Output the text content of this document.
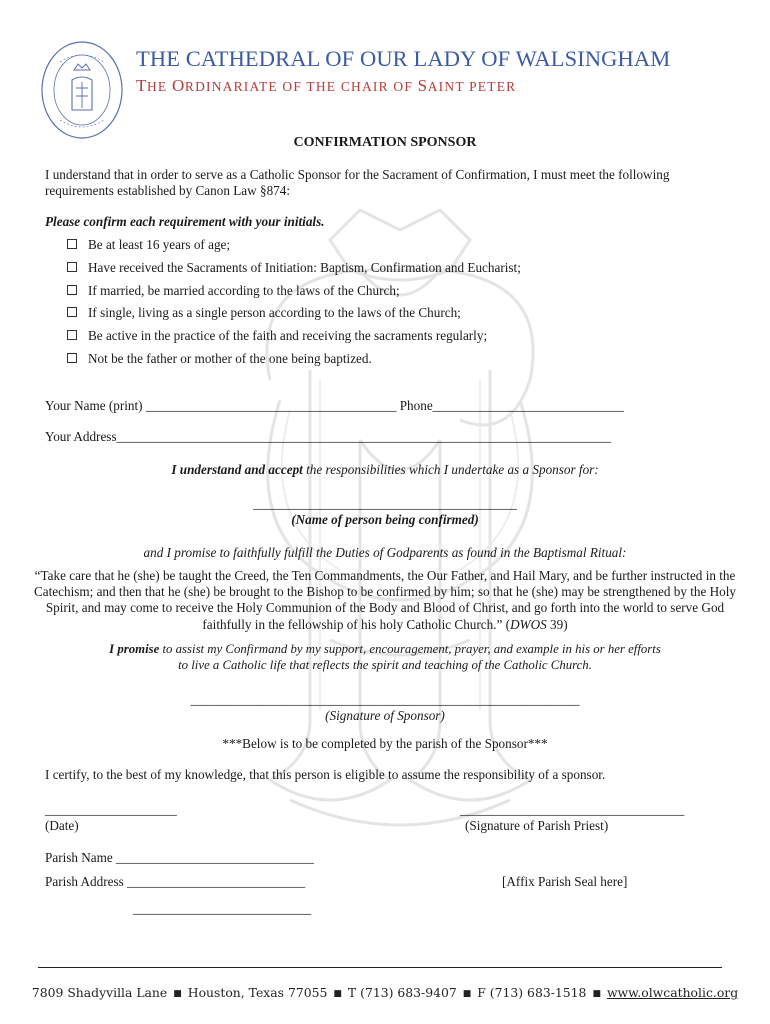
THE CATHEDRAL OF OUR LADY OF WALSINGHAM
THE ORDINARIATE OF THE CHAIR OF SAINT PETER
CONFIRMATION SPONSOR
I understand that in order to serve as a Catholic Sponsor for the Sacrament of Confirmation, I must meet the following
requirements established by Canon Law §874:
Please confirm each requirement with your initials.
Be at least 16 years of age;
Have received the Sacraments of Initiation: Baptism, Confirmation and Eucharist;
If married, be married according to the laws of the Church;
If single, living as a single person according to the laws of the Church;
Be active in the practice of the faith and receiving the sacraments regularly;
Not be the father or mother of the one being baptized.
Your Name (print) ______________________________________ Phone_____________________________
Your Address___________________________________________________________________________
I understand and accept the responsibilities which I undertake as a Sponsor for:
________________________________________
(Name of person being confirmed)
and I promise to faithfully fulfill the Duties of Godparents as found in the Baptismal Ritual:
“Take care that he (she) be taught the Creed, the Ten Commandments, the Our Father, and Hail Mary, and be further instructed in the Catechism; and then that he (she) be brought to the Bishop to be confirmed by him; so that he (she) may be strengthened by the Holy Spirit, and may come to receive the Holy Communion of the Body and Blood of Christ, and go forth into the world to serve God faithfully in the fellowship of his holy Catholic Church.” (DWOS 39)
I promise to assist my Confirmand by my support, encouragement, prayer, and example in his or her efforts
to live a Catholic life that reflects the spirit and teaching of the Catholic Church.
___________________________________________________________
(Signature of Sponsor)
***Below is to be completed by the parish of the Sponsor***
I certify, to the best of my knowledge, that this person is eligible to assume the responsibility of a sponsor.
____________________
(Date)
__________________________________
(Signature of Parish Priest)
Parish Name ______________________________
Parish Address ___________________________	[Affix Parish Seal here]
___________________________
7809 Shadyvilla Lane ■ Houston, Texas 77055 ■ T (713) 683-9407 ■ F (713) 683-1518 ■ www.olwcatholic.org
